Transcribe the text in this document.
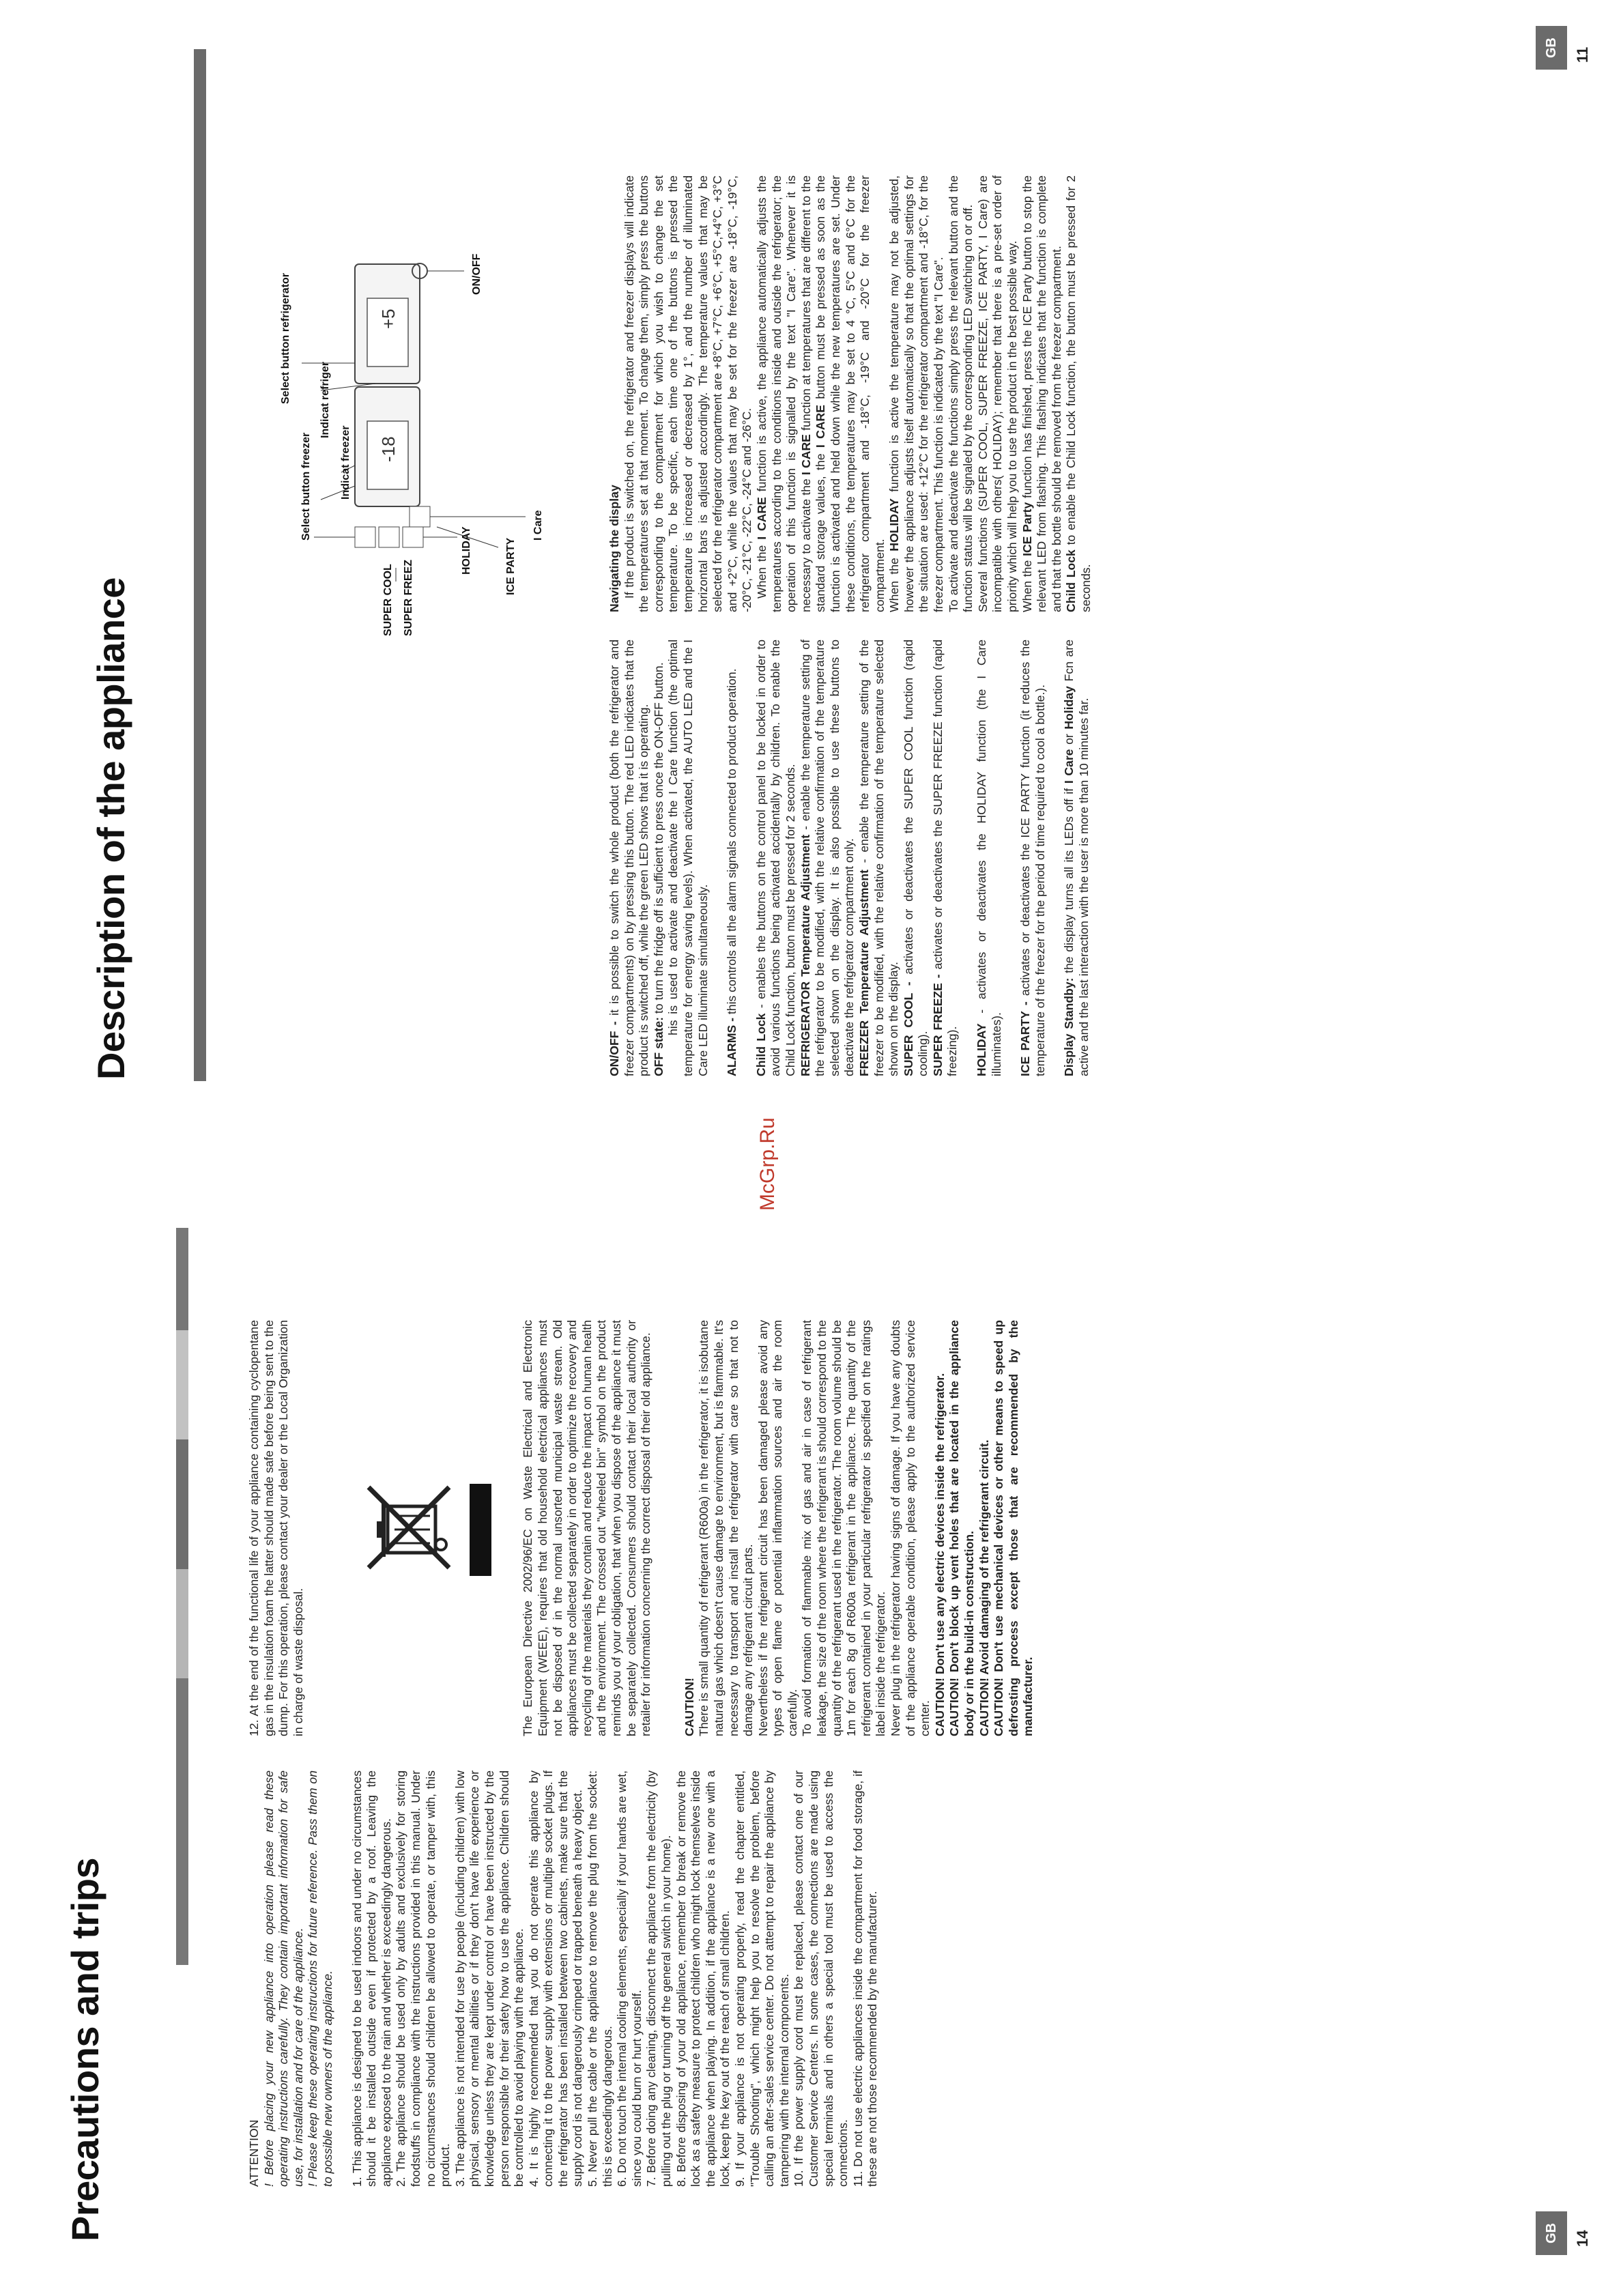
GB	14
Precautions and trips	ATTENTION ! Before placing your new appliance into operation please read these operating instructions carefully. They contain important information for safe use, for installation and for care of the appliance. ! Please keep these operating instructions for future reference. Pass them on to possible new owners of the appliance. 1. This appliance is designed to be used indoors and under no circumstances should it be installed outside even if protected by a roof. Leaving the appliance exposed to the rain and whether is exceedingly dangerous. 2. The appliance should be used only by adults and exclusively for storing foodstuffs in compliance with the instructions provided in this manual. Under no circumstances should children be allowed to operate, or tamper with, this product. 3. The appliance is not intended for use by people (including children) with low physical, sensory or mental abilities or if they don't have life experience or knowledge unless they are kept under control or have been instructed by the person responsible for their safety how to use the appliance. Children should be controlled to avoid playing with the appliance. 4. It is highly recommended that you do not operate this appliance by connecting it to the power supply with extensions or multiple socket plugs. If the refrigerator has been installed between two cabinets, make sure that the supply cord is not dangerously crimped or trapped beneath a heavy object. 5. Never pull the cable or the appliance to remove the plug from the socket: this is exceedingly dangerous. 6. Do not touch the internal cooling elements, especially if your hands are wet, since you could burn or hurt yourself. 7. Before doing any cleaning, disconnect the appliance from the electricity (by pulling out the plug or turning off the general switch in your home). 8. Before disposing of your old appliance, remember to break or remove the lock as a safety measure to protect children who might lock themselves inside the appliance when playing. In addition, if the appliance is a new one with a lock, keep the key out of the reach of small children. 9. If your appliance is not operating properly, read the chapter entitled, "Trouble Shooting", which might help you to resolve the problem, before calling an after-sales service center. Do not attempt to repair the appliance by tampering with the internal components. 10. If the power supply cord must be replaced, please contact one of our Customer Service Centers. In some cases, the connections are made using special terminals and in others a special tool must be used to access the connections. 11. Do not use electric appliances inside the compartment for food storage, if these are not those recommended by the manufacturer.

12. At the end of the functional life of your appliance containing cyclopentane gas in the insulation foam the latter should made safe before being sent to the dump. For this operation, please contact your dealer or the Local Organization in charge of waste disposal.	The European Directive 2002/96/EC on Waste Electrical and Electronic Equipment (WEEE), requires that old household electrical appliances must not be disposed of in the normal unsorted municipal waste stream. Old appliances must be collected separately in order to optimize the recovery and recycling of the materials they contain and reduce the impact on human health and the environment. The crossed out "wheeled bin" symbol on the product reminds you of your obligation, that when you dispose of the appliance it must be separately collected. Consumers should contact their local authority or retailer for information concerning the correct disposal of their old appliance. CAUTION! There is small quantity of refrigerant (R600a) in the refrigerator, it is isobutane natural gas which doesn't cause damage to environment, but is flammable. It's necessary to transport and install the refrigerator with care so that not to damage any refrigerant circuit parts. Nevertheless if the refrigerant circuit has been damaged please avoid any types of open flame or potential inflammation sources and air the room carefully. To avoid formation of flammable mix of gas and air in case of refrigerant leakage, the size of the room where the refrigerant is should correspond to the quantity of the refrigerant used in the refrigerator. The room volume should be 1m for each 8g of R600a refrigerant in the appliance. The quantity of the refrigerant contained in your particular refrigerator is specified on the ratings label inside the refrigerator. Never plug in the refrigerator having signs of damage. If you have any doubts of the appliance operable condition, please apply to the authorized service center. CAUTION! Don't use any electric devices inside the refrigerator. CAUTION! Don't block up vent holes that are located in the appliance body or in the build-in construction. CAUTION! Avoid damaging of the refrigerant circuit. CAUTION! Don't use mechanical devices or other means to speed up defrosting process except those that are recommended by the manufacturer.

McGrp.Ru
Description of the appliance
GB	11
+5
-18
Select button refrigerator	Indicat refriger
Indicat freezer
Select button freezer
HOLIDAY	ICE PARTY
ON/OFF
SUPER COOL SUPER FREEZ
I Care

ON/OFF - it is possible to switch the whole product (both the refrigerator and freezer compartments) on by pressing this button. The red LED indicates that the product is switched off, while the green LED shows that it is operating. OFF state: to turn the fridge off is sufficient to press once the ON-OFF button. his is used to activate and deactivate the I Care function (the optimal temperature for energy saving levels). When activated, the AUTO LED and the I Care LED illuminate simultaneously. ALARMS - this controls all the alarm signals connected to product operation.

Child Lock - enables the buttons on the control panel to be locked in order to avoid various functions being activated accidentally by children. To enable the Child Lock function, button must be pressed for 2 seconds. REFRIGERATOR Temperature Adjustment - enable the temperature setting of the refrigerator to be modified, with the relative confirmation of the temperature selected shown on the display. It is also possible to use these buttons to deactivate the refrigerator compartment only. FREEZER Temperature Adjustment - enable the temperature setting of the freezer to be modified, with the relative confirmation of the temperature selected shown on the display. SUPER COOL - activates or deactivates the SUPER COOL function (rapid cooling). SUPER FREEZE - activates or deactivates the SUPER FREEZE function (rapid freezing). HOLIDAY - activates or deactivates the HOLIDAY function (the I Care illuminates). ICE PARTY - activates or deactivates the ICE PARTY function (it reduces the temperature of the freezer for the period of time required to cool a bottle.). Display Standby: the display turns all its LEDs off if I Care or Holiday Fcn are active and the last interaction with the user is more than 10 minutes far.

Navigating the display If the product is switched on, the refrigerator and freezer displays will indicate the temperatures set at that moment. To change them, simply press the buttons corresponding to the compartment for which you wish to change the set temperature. To be specific, each time one of the buttons is pressed the temperature is increased or decreased by 1°, and the number of illuminated horizontal bars is adjusted accordingly. The temperature values that may be selected for the refrigerator compartment are +8°C, +7°C, +6°C, +5°C,+4°C, +3°C and +2°C, while the values that may be set for the freezer are -18°C, -19°C, -20°C, -21°C, -22°C, -24°C and -26°C. When the I CARE function is active, the appliance automatically adjusts the temperatures according to the conditions inside and outside the refrigerator; the operation of this function is signalled by the text "I Care". Whenever it is necessary to activate the I CARE function at temperatures that are different to the standard storage values, the I CARE button must be pressed as soon as the function is activated and held down while the new temperatures are set. Under these conditions, the temperatures may be set to 4 °C, 5°C and 6°C for the refrigerator compartment and -18°C, -19°C and -20°C for the freezer compartment. When the HOLIDAY function is active the temperature may not be adjusted, however the appliance adjusts itself automatically so that the optimal settings for the situation are used: +12°C for the refrigerator compartment and -18°C, for the freezer compartment. This function is indicated by the text "I Care". To activate and deactivate the functions simply press the relevant button and the function status will be signaled by the corresponding LED switching on or off. Several functions (SUPER COOL, SUPER FREEZE, ICE PARTY, I Care) are incompatible with others( HOLIDAY); remember that there is a pre-set order of priority which will help you to use the product in the best possible way. When the ICE Party function has finished, press the ICE Party button to stop the relevant LED from flashing. This flashing indicates that the function is complete and that the bottle should be removed from the freezer compartment. Child Lock to enable the Child Lock function, the button must be pressed for 2 seconds.
